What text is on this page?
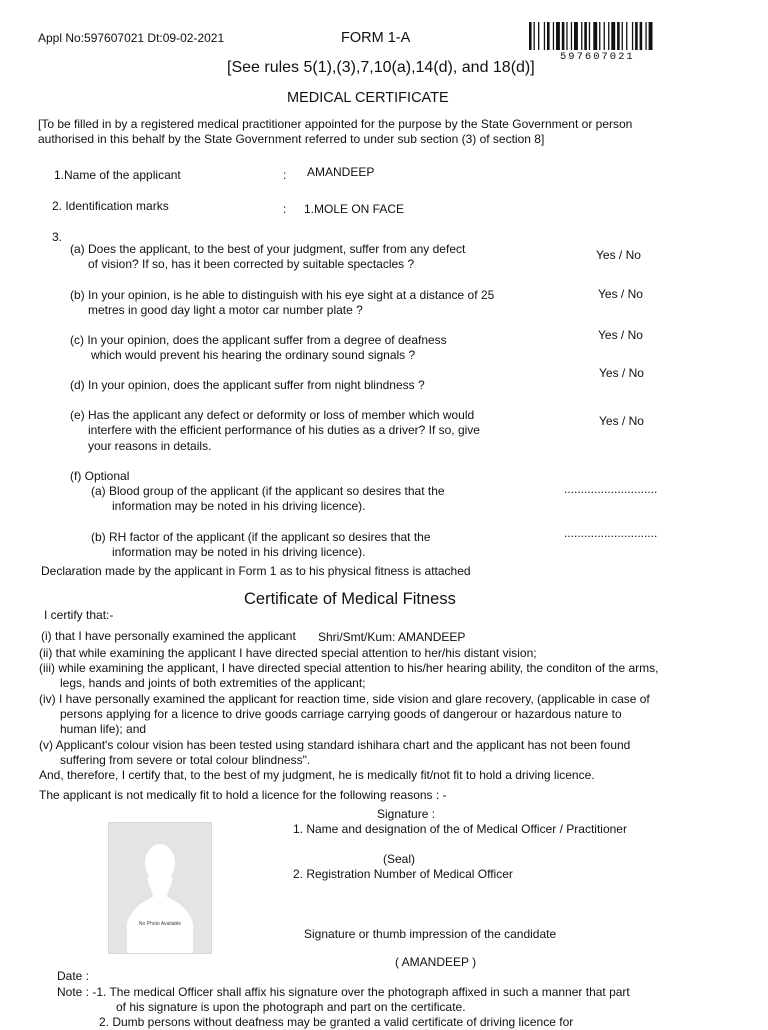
Appl No:597607021 Dt:09-02-2021	FORM 1-A
597607021
[See rules 5(1),(3),7,10(a),14(d), and 18(d)]
MEDICAL CERTIFICATE
[To be filled in by a registered medical practitioner appointed for the purpose by the State Government or person
authorised in this behalf by the State Government referred to under sub section (3) of section 8]
1.Name of the applicant	: AMANDEEP
2. Identification marks	: 1.MOLE ON FACE
3.
(a) Does the applicant, to the best of your judgment, suffer from any defect
of vision? If so, has it been corrected by suitable spectacles ?
Yes / No
(b) In your opinion, is he able to distinguish with his eye sight at a distance of 25
metres in good day light a motor car number plate ?
Yes / No
(c) In your opinion, does the applicant suffer from a degree of deafness
which would prevent his hearing the ordinary sound signals ?
Yes / No
(d) In your opinion, does the applicant suffer from night blindness ?
Yes / No
(e) Has the applicant any defect or deformity or loss of member which would
interfere with the efficient performance of his duties as a driver? If so, give
your reasons in details.
Yes / No
(f) Optional
(a) Blood group of the applicant (if the applicant so desires that the
information may be noted in his driving licence).
............................
(b) RH factor of the applicant (if the applicant so desires that the
information may be noted in his driving licence).
............................
Declaration made by the applicant in Form 1 as to his physical fitness is attached
Certificate of Medical Fitness
I certify that:-
(i) that I have personally examined the applicant Shri/Smt/Kum: AMANDEEP
(ii) that while examining the applicant I have directed special attention to her/his distant vision;
(iii) while examining the applicant, I have directed special attention to his/her hearing ability, the conditon of the arms,
legs, hands and joints of both extremities of the applicant;
(iv) I have personally examined the applicant for reaction time, side vision and glare recovery, (applicable in case of
persons applying for a licence to drive goods carriage carrying goods of dangerour or hazardous nature to
human life); and
(v) Applicant's colour vision has been tested using standard ishihara chart and the applicant has not been found
suffering from severe or total colour blindness".
And, therefore, I certify that, to the best of my judgment, he is medically fit/not fit to hold a driving licence.
The applicant is not medically fit to hold a licence for the following reasons : -
Signature :
1. Name and designation of the of Medical Officer / Practitioner
(Seal)
2. Registration Number of Medical Officer
No Photo Available
Signature or thumb impression of the candidate
( AMANDEEP )
Date :
Note : -1. The medical Officer shall affix his signature over the photograph affixed in such a manner that part
of his signature is upon the photograph and part on the certificate.
2. Dumb persons without deafness may be granted a valid certificate of driving licence for
